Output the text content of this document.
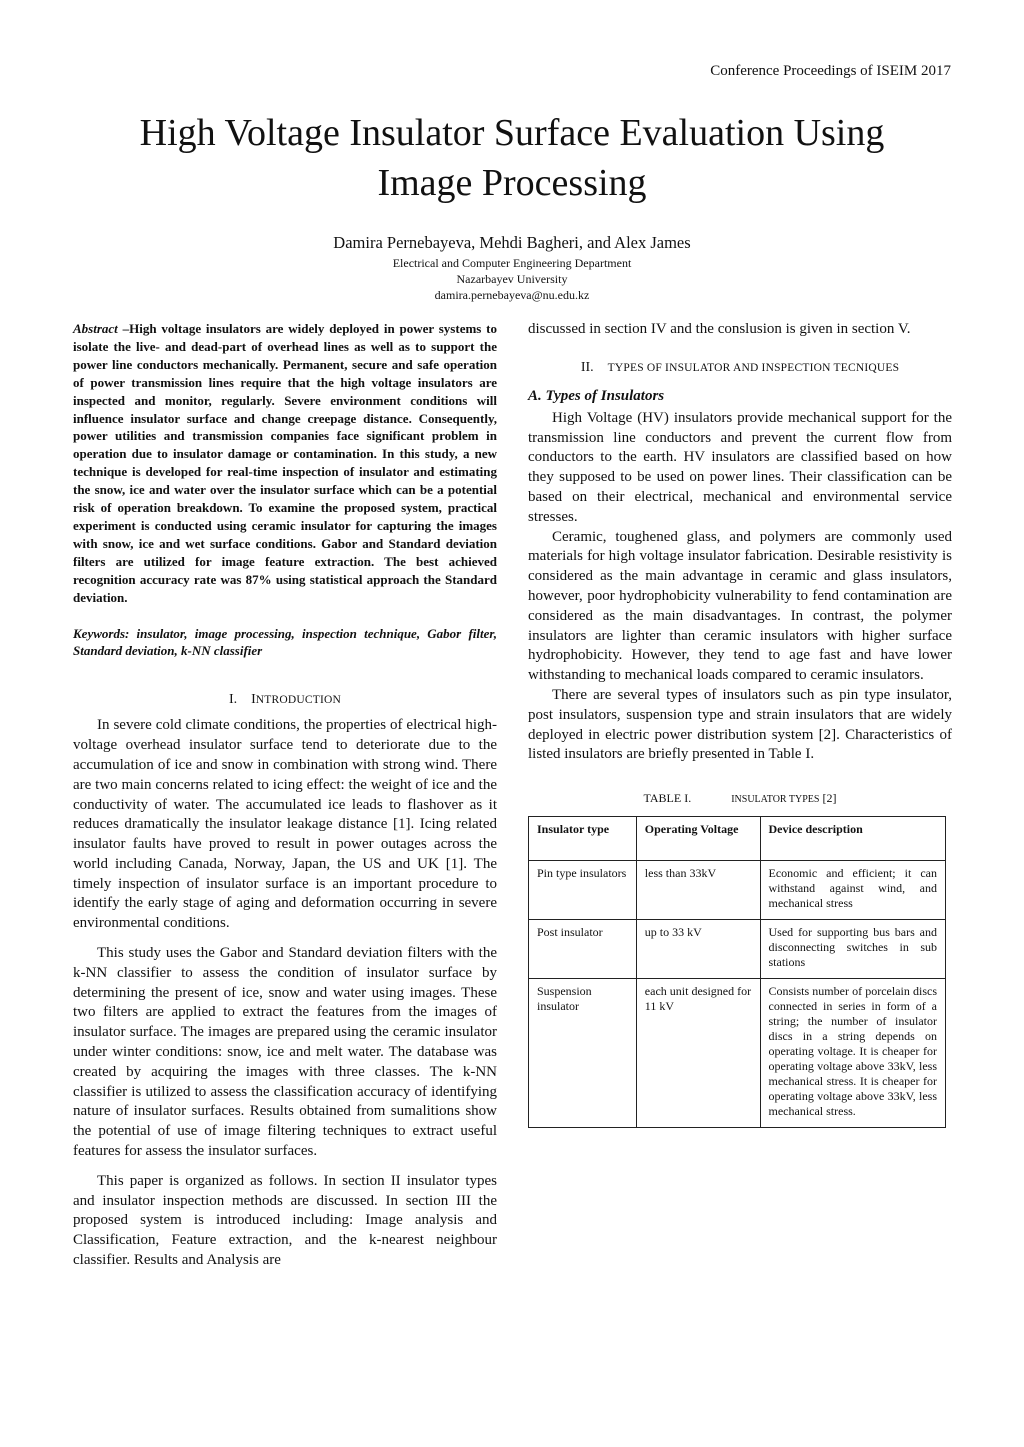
Conference Proceedings of ISEIM 2017
High Voltage Insulator Surface Evaluation Using
Image Processing
Damira Pernebayeva, Mehdi Bagheri, and Alex James
Electrical and Computer Engineering Department
Nazarbayev University
damira.pernebayeva@nu.edu.kz

Abstract –High voltage insulators are widely deployed in power systems to isolate the live- and dead-part of overhead lines as well as to support the power line conductors mechanically. Permanent, secure and safe operation of power transmission lines require that the high voltage insulators are inspected and monitor, regularly. Severe environment conditions will influence insulator surface and change creepage distance. Consequently, power utilities and transmission companies face significant problem in operation due to insulator damage or contamination. In this study, a new technique is developed for real-time inspection of insulator and estimating the snow, ice and water over the insulator surface which can be a potential risk of operation breakdown. To examine the proposed system, practical experiment is conducted using ceramic insulator for capturing the images with snow, ice and wet surface conditions. Gabor and Standard deviation filters are utilized for image feature extraction. The best achieved recognition accuracy rate was 87% using statistical approach the Standard deviation.

Keywords: insulator, image processing, inspection technique, Gabor filter, Standard deviation, k-NN classifier

I. INTRODUCTION

In severe cold climate conditions, the properties of electrical high-voltage overhead insulator surface tend to deteriorate due to the accumulation of ice and snow in combination with strong wind. There are two main concerns related to icing effect: the weight of ice and the conductivity of water. The accumulated ice leads to flashover as it reduces dramatically the insulator leakage distance [1]. Icing related insulator faults have proved to result in power outages across the world including Canada, Norway, Japan, the US and UK [1]. The timely inspection of insulator surface is an important procedure to identify the early stage of aging and deformation occurring in severe environmental conditions.

This study uses the Gabor and Standard deviation filters with the k-NN classifier to assess the condition of insulator surface by determining the present of ice, snow and water using images. These two filters are applied to extract the features from the images of insulator surface. The images are prepared using the ceramic insulator under winter conditions: snow, ice and melt water. The database was created by acquiring the images with three classes. The k-NN classifier is utilized to assess the classification accuracy of identifying nature of insulator surfaces. Results obtained from sumalitions show the potential of use of image filtering techniques to extract useful features for assess the insulator surfaces.

This paper is organized as follows. In section II insulator types and insulator inspection methods are discussed. In section III the proposed system is introduced including: Image analysis and Classification, Feature extraction, and the k-nearest neighbour classifier. Results and Analysis are

discussed in section IV and the conslusion is given in section V.

II. TYPES OF INSULATOR AND INSPECTION TECNIQUES
A. Types of Insulators

High Voltage (HV) insulators provide mechanical support for the transmission line conductors and prevent the current flow from conductors to the earth. HV insulators are classified based on how they supposed to be used on power lines. Their classification can be based on their electrical, mechanical and environmental service stresses.

Ceramic, toughened glass, and polymers are commonly used materials for high voltage insulator fabrication. Desirable resistivity is considered as the main advantage in ceramic and glass insulators, however, poor hydrophobicity vulnerability to fend contamination are considered as the main disadvantages. In contrast, the polymer insulators are lighter than ceramic insulators with higher surface hydrophobicity. However, they tend to age fast and have lower withstanding to mechanical loads compared to ceramic insulators.

There are several types of insulators such as pin type insulator, post insulators, suspension type and strain insulators that are widely deployed in electric power distribution system [2]. Characteristics of listed insulators are briefly presented in Table I.

TABLE I.	INSULATOR TYPES [2]
Insulator type	Operating Voltage	Device description
Pin type insulators	less than 33kV	Economic and efficient; it can withstand against wind, and mechanical stress
Post insulator	up to 33 kV	Used for supporting bus bars and disconnecting switches in sub stations
Suspension insulator	each unit designed for 11 kV	Consists number of porcelain discs connected in series in form of a string; the number of insulator discs in a string depends on operating voltage. It is cheaper for operating voltage above 33kV, less mechanical stress. It is cheaper for operating voltage above 33kV, less mechanical stress.
